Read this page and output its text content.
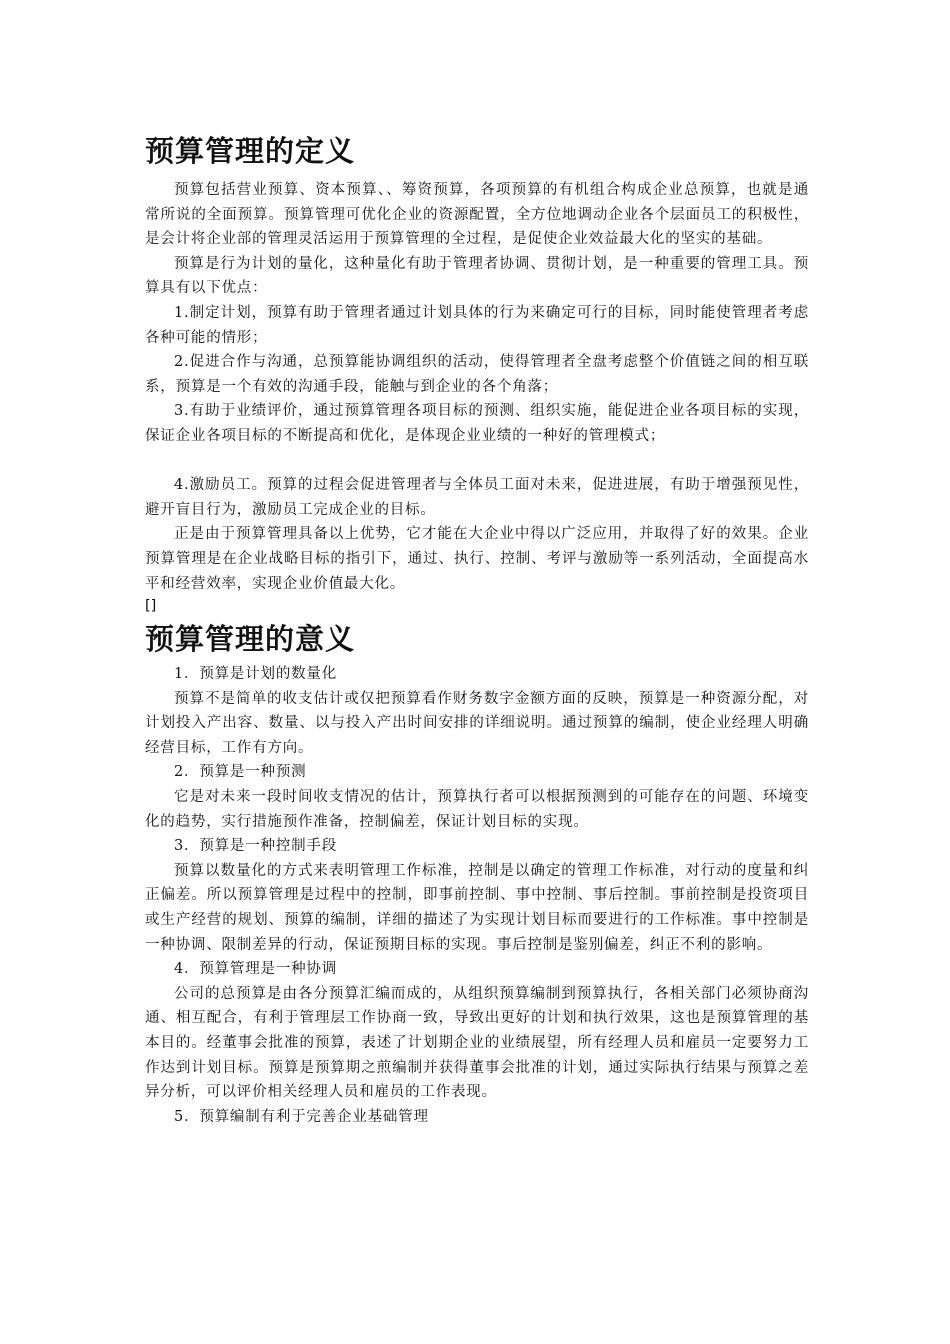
预算管理的定义

预算包括营业预算、资本预算、、筹资预算，各项预算的有机组合构成企业总预算，也就是通常所说的全面预算。预算管理可优化企业的资源配置，全方位地调动企业各个层面员工的积极性，是会计将企业部的管理灵活运用于预算管理的全过程，是促使企业效益最大化的坚实的基础。

预算是行为计划的量化，这种量化有助于管理者协调、贯彻计划，是一种重要的管理工具。预算具有以下优点：

1.制定计划，预算有助于管理者通过计划具体的行为来确定可行的目标，同时能使管理者考虑各种可能的情形；

2.促进合作与沟通，总预算能协调组织的活动，使得管理者全盘考虑整个价值链之间的相互联系，预算是一个有效的沟通手段，能触与到企业的各个角落；

3.有助于业绩评价，通过预算管理各项目标的预测、组织实施，能促进企业各项目标的实现，保证企业各项目标的不断提高和优化，是体现企业业绩的一种好的管理模式；

4.激励员工。预算的过程会促进管理者与全体员工面对未来，促进进展，有助于增强预见性，避开盲目行为，激励员工完成企业的目标。

正是由于预算管理具备以上优势，它才能在大企业中得以广泛应用，并取得了好的效果。企业预算管理是在企业战略目标的指引下，通过、执行、控制、考评与激励等一系列活动，全面提高水平和经营效率，实现企业价值最大化。

[]
预算管理的意义

1．预算是计划的数量化

预算不是简单的收支估计或仅把预算看作财务数字金额方面的反映，预算是一种资源分配，对计划投入产出容、数量、以与投入产出时间安排的详细说明。通过预算的编制，使企业经理人明确经营目标，工作有方向。

2．预算是一种预测

它是对未来一段时间收支情况的估计，预算执行者可以根据预测到的可能存在的问题、环境变化的趋势，实行措施预作准备，控制偏差，保证计划目标的实现。

3．预算是一种控制手段

预算以数量化的方式来表明管理工作标准，控制是以确定的管理工作标准，对行动的度量和纠正偏差。所以预算管理是过程中的控制，即事前控制、事中控制、事后控制。事前控制是投资项目或生产经营的规划、预算的编制，详细的描述了为实现计划目标而要进行的工作标准。事中控制是一种协调、限制差异的行动，保证预期目标的实现。事后控制是鉴别偏差，纠正不利的影响。

4．预算管理是一种协调

公司的总预算是由各分预算汇编而成的，从组织预算编制到预算执行，各相关部门必须协商沟通、相互配合，有利于管理层工作协商一致，导致出更好的计划和执行效果，这也是预算管理的基本目的。经董事会批准的预算，表述了计划期企业的业绩展望，所有经理人员和雇员一定要努力工作达到计划目标。预算是预算期之煎编制并获得董事会批准的计划，通过实际执行结果与预算之差异分析，可以评价相关经理人员和雇员的工作表现。

5．预算编制有利于完善企业基础管理
